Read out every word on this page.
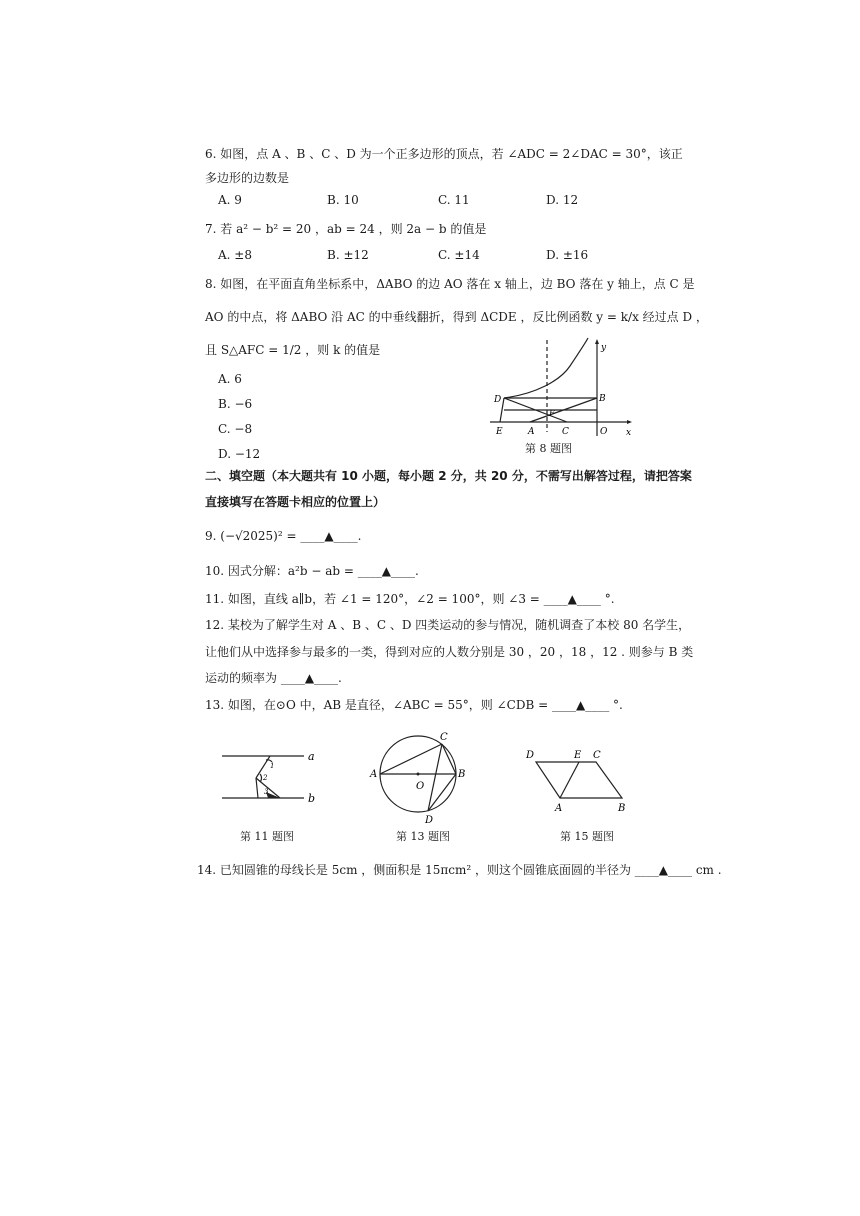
6. 如图，点 A 、B 、C 、D 为一个正多边形的顶点，若 ∠ADC = 2∠DAC = 30°，该正
多边形的边数是
A. 9	B. 10	C. 11	D. 12
7. 若 a² − b² = 20 ，ab = 24 ，则 2a − b 的值是
A. ±8	B. ±12	C. ±14	D. ±16
8. 如图，在平面直角坐标系中，ΔABO 的边 AO 落在 x 轴上，边 BO 落在 y 轴上，点 C 是
AO 的中点，将 ΔABO 沿 AC 的中垂线翻折，得到 ΔCDE ，反比例函数 y = k/x 经过点 D ，
且 S△AFC = 1/2 ，则 k 的值是
A. 6
B. −6
C. −8
D. −12
D	B
F
E	A	C	O x
y
第 8 题图
二、填空题（本大题共有 10 小题，每小题 2 分，共 20 分，不需写出解答过程，请把答案
直接填写在答题卡相应的位置上）
9. (−√2025)² = ____▲____.
10. 因式分解：a²b − ab = ____▲____.
11. 如图，直线 a∥b，若 ∠1 = 120°，∠2 = 100°，则 ∠3 = ____▲____ °.
12. 某校为了解学生对 A 、B 、C 、D 四类运动的参与情况，随机调查了本校 80 名学生，
让他们从中选择参与最多的一类，得到对应的人数分别是 30 ，20 ，18 ，12 . 则参与 B 类
运动的频率为 ____▲____.
13. 如图，在⊙O 中，AB 是直径，∠ABC = 55°，则 ∠CDB = ____▲____ °.
a
b
1
2
3
第 11 题图
A	B
C
D
O
第 13 题图
D	E C
A	B
第 15 题图
14. 已知圆锥的母线长是 5cm ，侧面积是 15πcm² ，则这个圆锥底面圆的半径为 ____▲____ cm .
